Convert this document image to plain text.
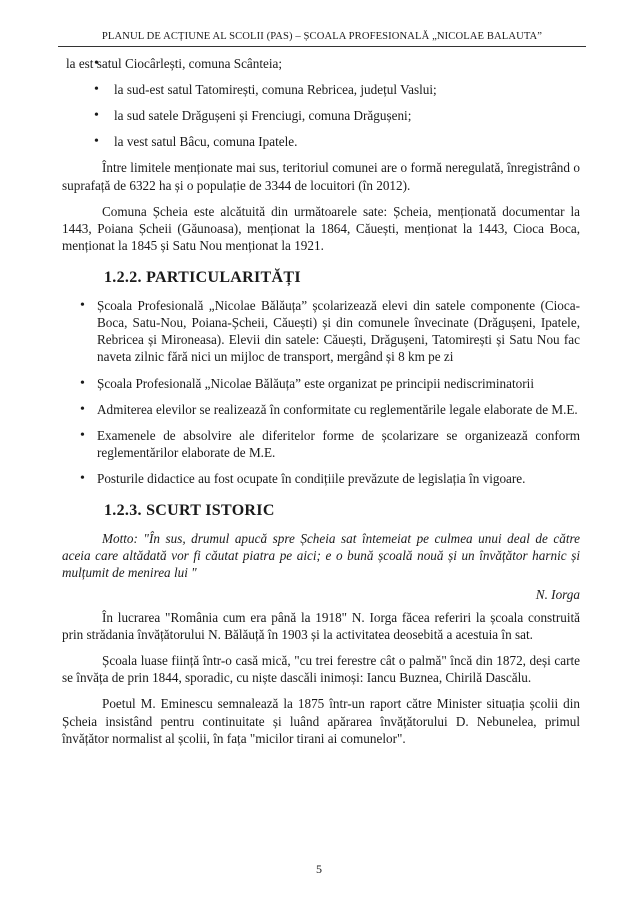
PLANUL DE ACȚIUNE AL SCOLII (PAS) – ȘCOALA PROFESIONALĂ „NICOLAE BALAUTA”
• la est satul Ciocârlești, comuna Scânteia;
• la sud-est satul Tatomirești, comuna Rebricea, județul Vaslui;
• la sud satele Drăgușeni și Frenciugi, comuna Drăgușeni;
• la vest satul Bâcu, comuna Ipatele.

Între limitele menționate mai sus, teritoriul comunei are o formă neregulată, înregistrând o suprafață de 6322 ha și o populație de 3344 de locuitori (în 2012).

Comuna Șcheia este alcătuită din următoarele sate: Șcheia, menționată documentar la 1443, Poiana Șcheii (Găunoasa), menționat la 1864, Căuești, menționat la 1443, Cioca Boca, menționat la 1845 și Satu Nou menționat la 1921.

1.2.2. PARTICULARITĂȚI
• Școala Profesională „Nicolae Bălăuța” școlarizează elevi din satele componente (Cioca-Boca, Satu-Nou, Poiana-Șcheii, Căuești) și din comunele învecinate (Drăgușeni, Ipatele, Rebricea și Mironeasa). Elevii din satele: Căuești, Drăgușeni, Tatomirești și Satu Nou fac naveta zilnic fără nici un mijloc de transport, mergând și 8 km pe zi
• Școala Profesională „Nicolae Bălăuța” este organizat pe principii nediscriminatorii
• Admiterea elevilor se realizează în conformitate cu reglementările legale elaborate de M.E.
• Examenele de absolvire ale diferitelor forme de școlarizare se organizează conform reglementărilor elaborate de M.E.
• Posturile didactice au fost ocupate în condițiile prevăzute de legislația în vigoare.
1.2.3. SCURT ISTORIC

Motto: "În sus, drumul apucă spre Șcheia sat întemeiat pe culmea unui deal de către aceia care altădată vor fi căutat piatra pe aici; e o bună școală nouă și un învățător harnic și mulțumit de menirea lui "

N. Iorga

În lucrarea "România cum era până la 1918" N. Iorga făcea referiri la școala construită prin strădania învățătorului N. Bălăuță în 1903 și la activitatea deosebită a acestuia în sat.

Școala luase ființă într-o casă mică, "cu trei ferestre cât o palmă" încă din 1872, deși carte se învăța de prin 1844, sporadic, cu niște dascăli inimoși: Iancu Buznea, Chirilă Dascălu.

Poetul M. Eminescu semnalează la 1875 într-un raport către Minister situația școlii din Șcheia insistând pentru continuitate și luând apărarea învățătorului D. Nebunelea, primul învățător normalist al școlii, în fața "micilor tirani ai comunelor".

5
